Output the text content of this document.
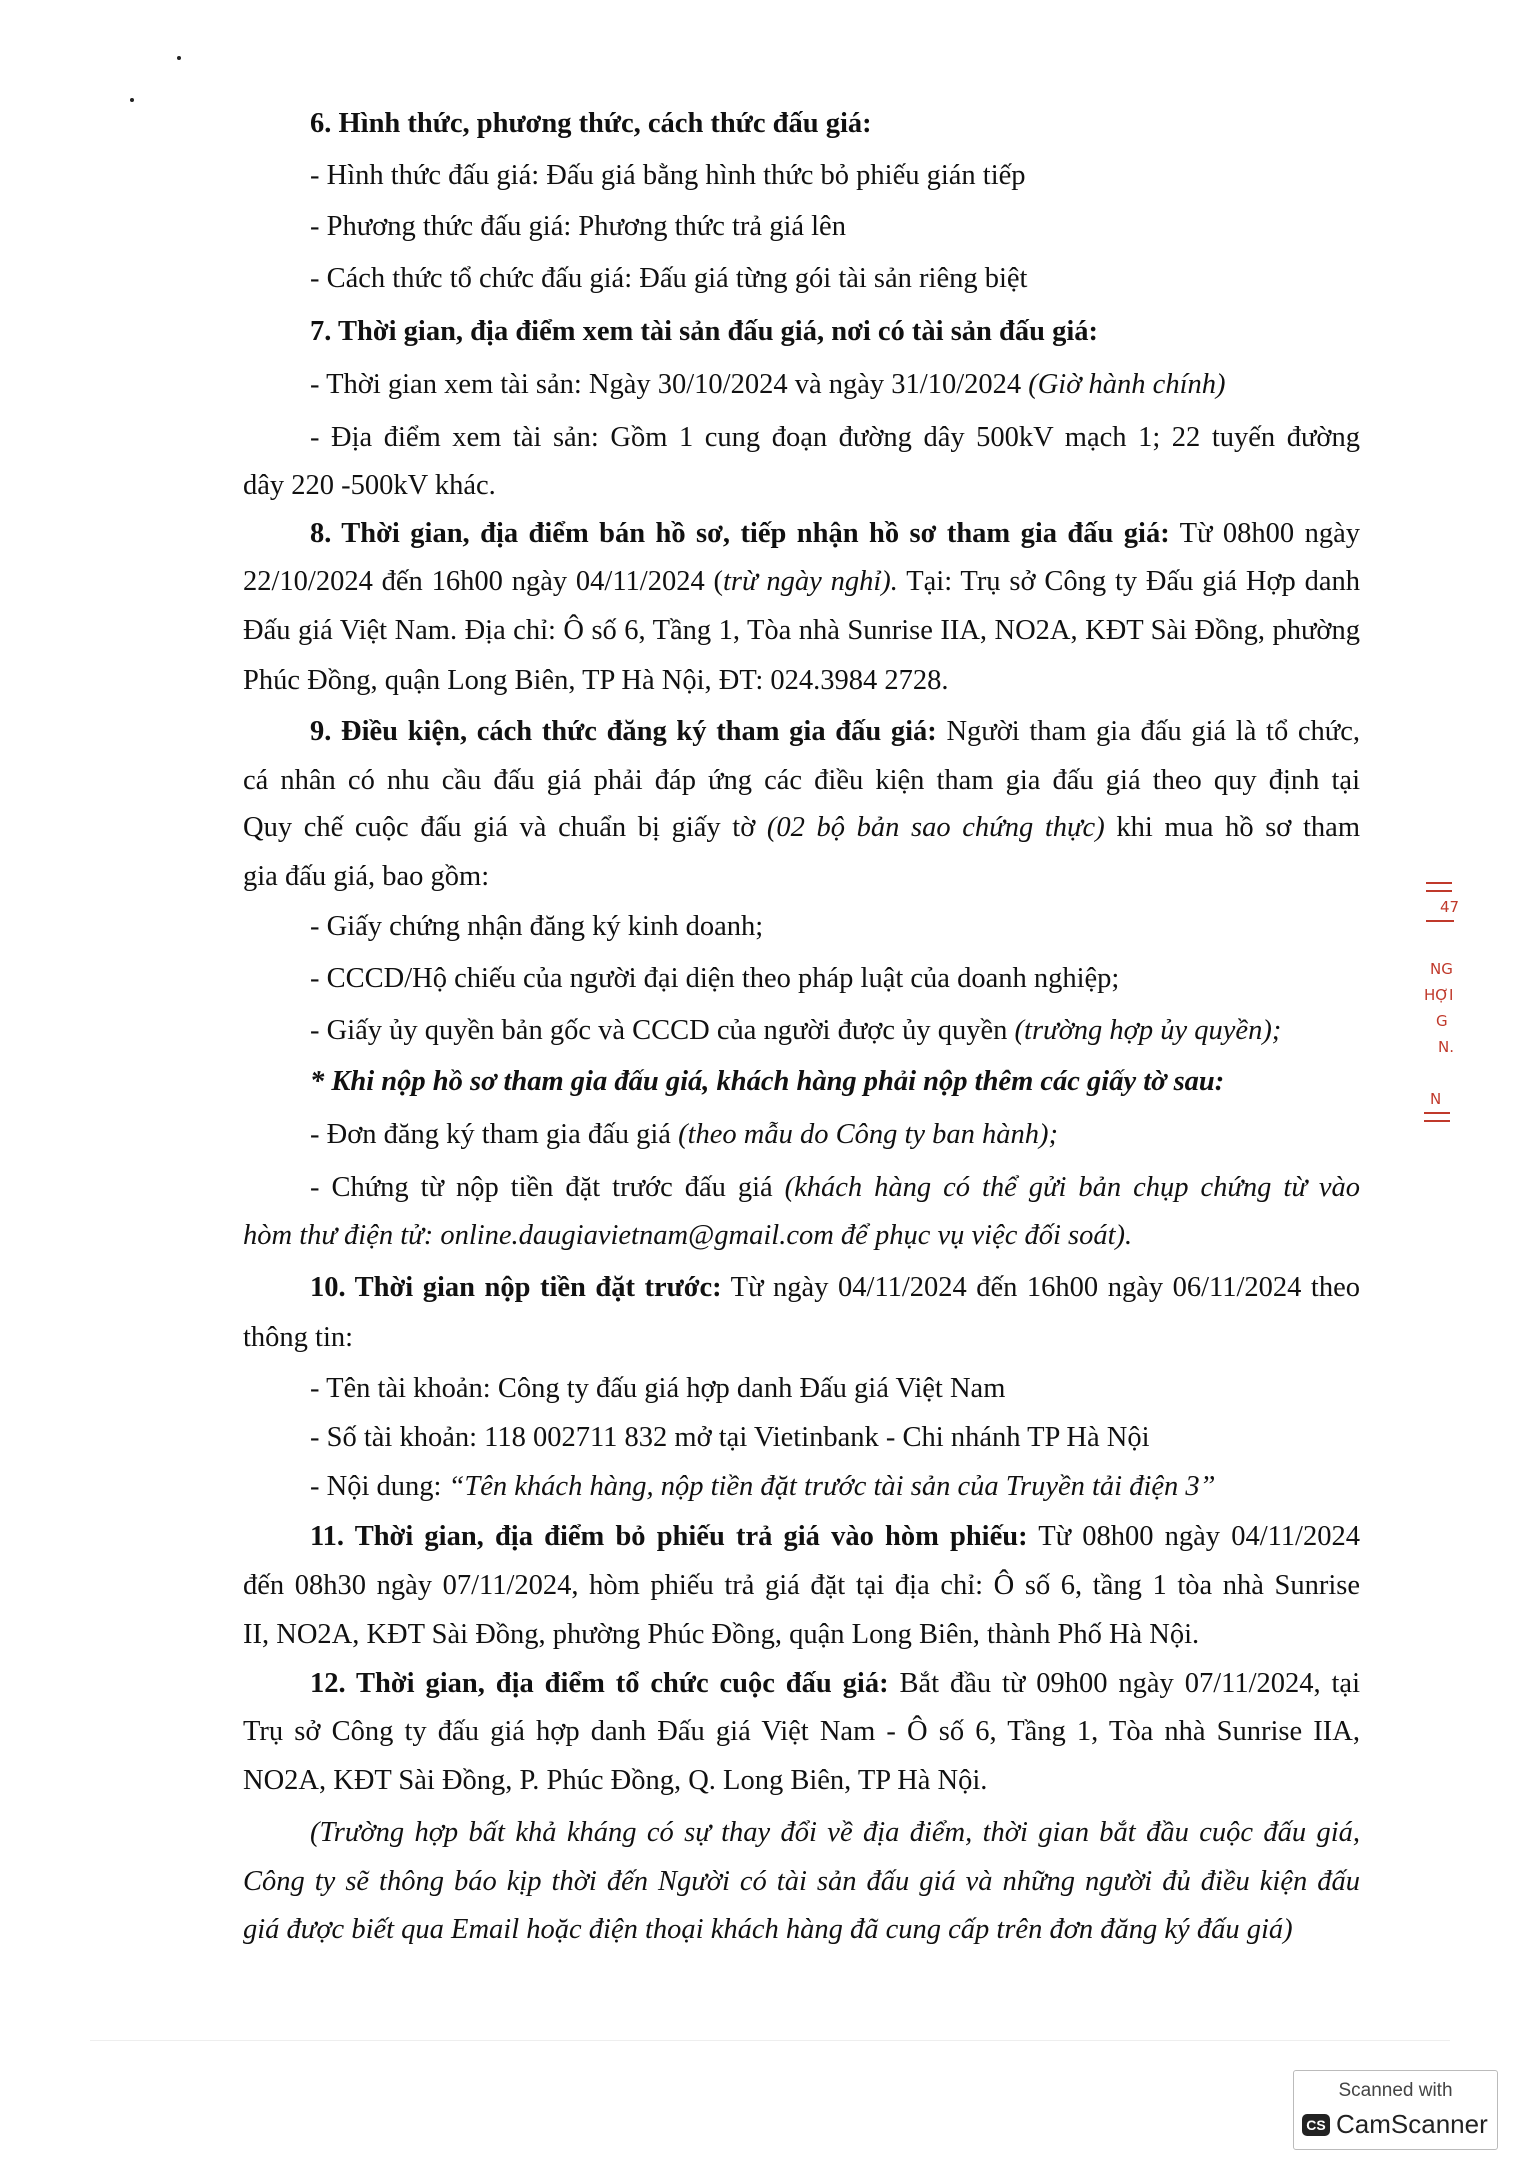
6. Hình thức, phương thức, cách thức đấu giá:
- Hình thức đấu giá: Đấu giá bằng hình thức bỏ phiếu gián tiếp
- Phương thức đấu giá: Phương thức trả giá lên
- Cách thức tổ chức đấu giá: Đấu giá từng gói tài sản riêng biệt
7. Thời gian, địa điểm xem tài sản đấu giá, nơi có tài sản đấu giá:
- Thời gian xem tài sản: Ngày 30/10/2024 và ngày 31/10/2024 (Giờ hành chính)
- Địa điểm xem tài sản: Gồm 1 cung đoạn đường dây 500kV mạch 1; 22 tuyến đường
dây 220 -500kV khác.
8. Thời gian, địa điểm bán hồ sơ, tiếp nhận hồ sơ tham gia đấu giá: Từ 08h00 ngày
22/10/2024 đến 16h00 ngày 04/11/2024 (trừ ngày nghỉ). Tại: Trụ sở Công ty Đấu giá Hợp danh
Đấu giá Việt Nam. Địa chỉ: Ô số 6, Tầng 1, Tòa nhà Sunrise IIA, NO2A, KĐT Sài Đồng, phường
Phúc Đồng, quận Long Biên, TP Hà Nội, ĐT: 024.3984 2728.
9. Điều kiện, cách thức đăng ký tham gia đấu giá: Người tham gia đấu giá là tổ chức,
cá nhân có nhu cầu đấu giá phải đáp ứng các điều kiện tham gia đấu giá theo quy định tại
Quy chế cuộc đấu giá và chuẩn bị giấy tờ (02 bộ bản sao chứng thực) khi mua hồ sơ tham
gia đấu giá, bao gồm:
- Giấy chứng nhận đăng ký kinh doanh;
- CCCD/Hộ chiếu của người đại diện theo pháp luật của doanh nghiệp;
- Giấy ủy quyền bản gốc và CCCD của người được ủy quyền (trường hợp ủy quyền);
* Khi nộp hồ sơ tham gia đấu giá, khách hàng phải nộp thêm các giấy tờ sau:
- Đơn đăng ký tham gia đấu giá (theo mẫu do Công ty ban hành);
- Chứng từ nộp tiền đặt trước đấu giá (khách hàng có thể gửi bản chụp chứng từ vào
hòm thư điện tử: online.daugiavietnam@gmail.com để phục vụ việc đối soát).
10. Thời gian nộp tiền đặt trước: Từ ngày 04/11/2024 đến 16h00 ngày 06/11/2024 theo
thông tin:
- Tên tài khoản: Công ty đấu giá hợp danh Đấu giá Việt Nam
- Số tài khoản: 118 002711 832 mở tại Vietinbank - Chi nhánh TP Hà Nội
- Nội dung: “Tên khách hàng, nộp tiền đặt trước tài sản của Truyền tải điện 3”
11. Thời gian, địa điểm bỏ phiếu trả giá vào hòm phiếu: Từ 08h00 ngày 04/11/2024
đến 08h30 ngày 07/11/2024, hòm phiếu trả giá đặt tại địa chỉ: Ô số 6, tầng 1 tòa nhà Sunrise
II, NO2A, KĐT Sài Đồng, phường Phúc Đồng, quận Long Biên, thành Phố Hà Nội.
12. Thời gian, địa điểm tổ chức cuộc đấu giá: Bắt đầu từ 09h00 ngày 07/11/2024, tại
Trụ sở Công ty đấu giá hợp danh Đấu giá Việt Nam - Ô số 6, Tầng 1, Tòa nhà Sunrise IIA,
NO2A, KĐT Sài Đồng, P. Phúc Đồng, Q. Long Biên, TP Hà Nội.
(Trường hợp bất khả kháng có sự thay đổi về địa điểm, thời gian bắt đầu cuộc đấu giá,
Công ty sẽ thông báo kịp thời đến Người có tài sản đấu giá và những người đủ điều kiện đấu
giá được biết qua Email hoặc điện thoại khách hàng đã cung cấp trên đơn đăng ký đấu giá)
47
NG
HỢI
G
N.
N
Scanned with
CS CamScanner
